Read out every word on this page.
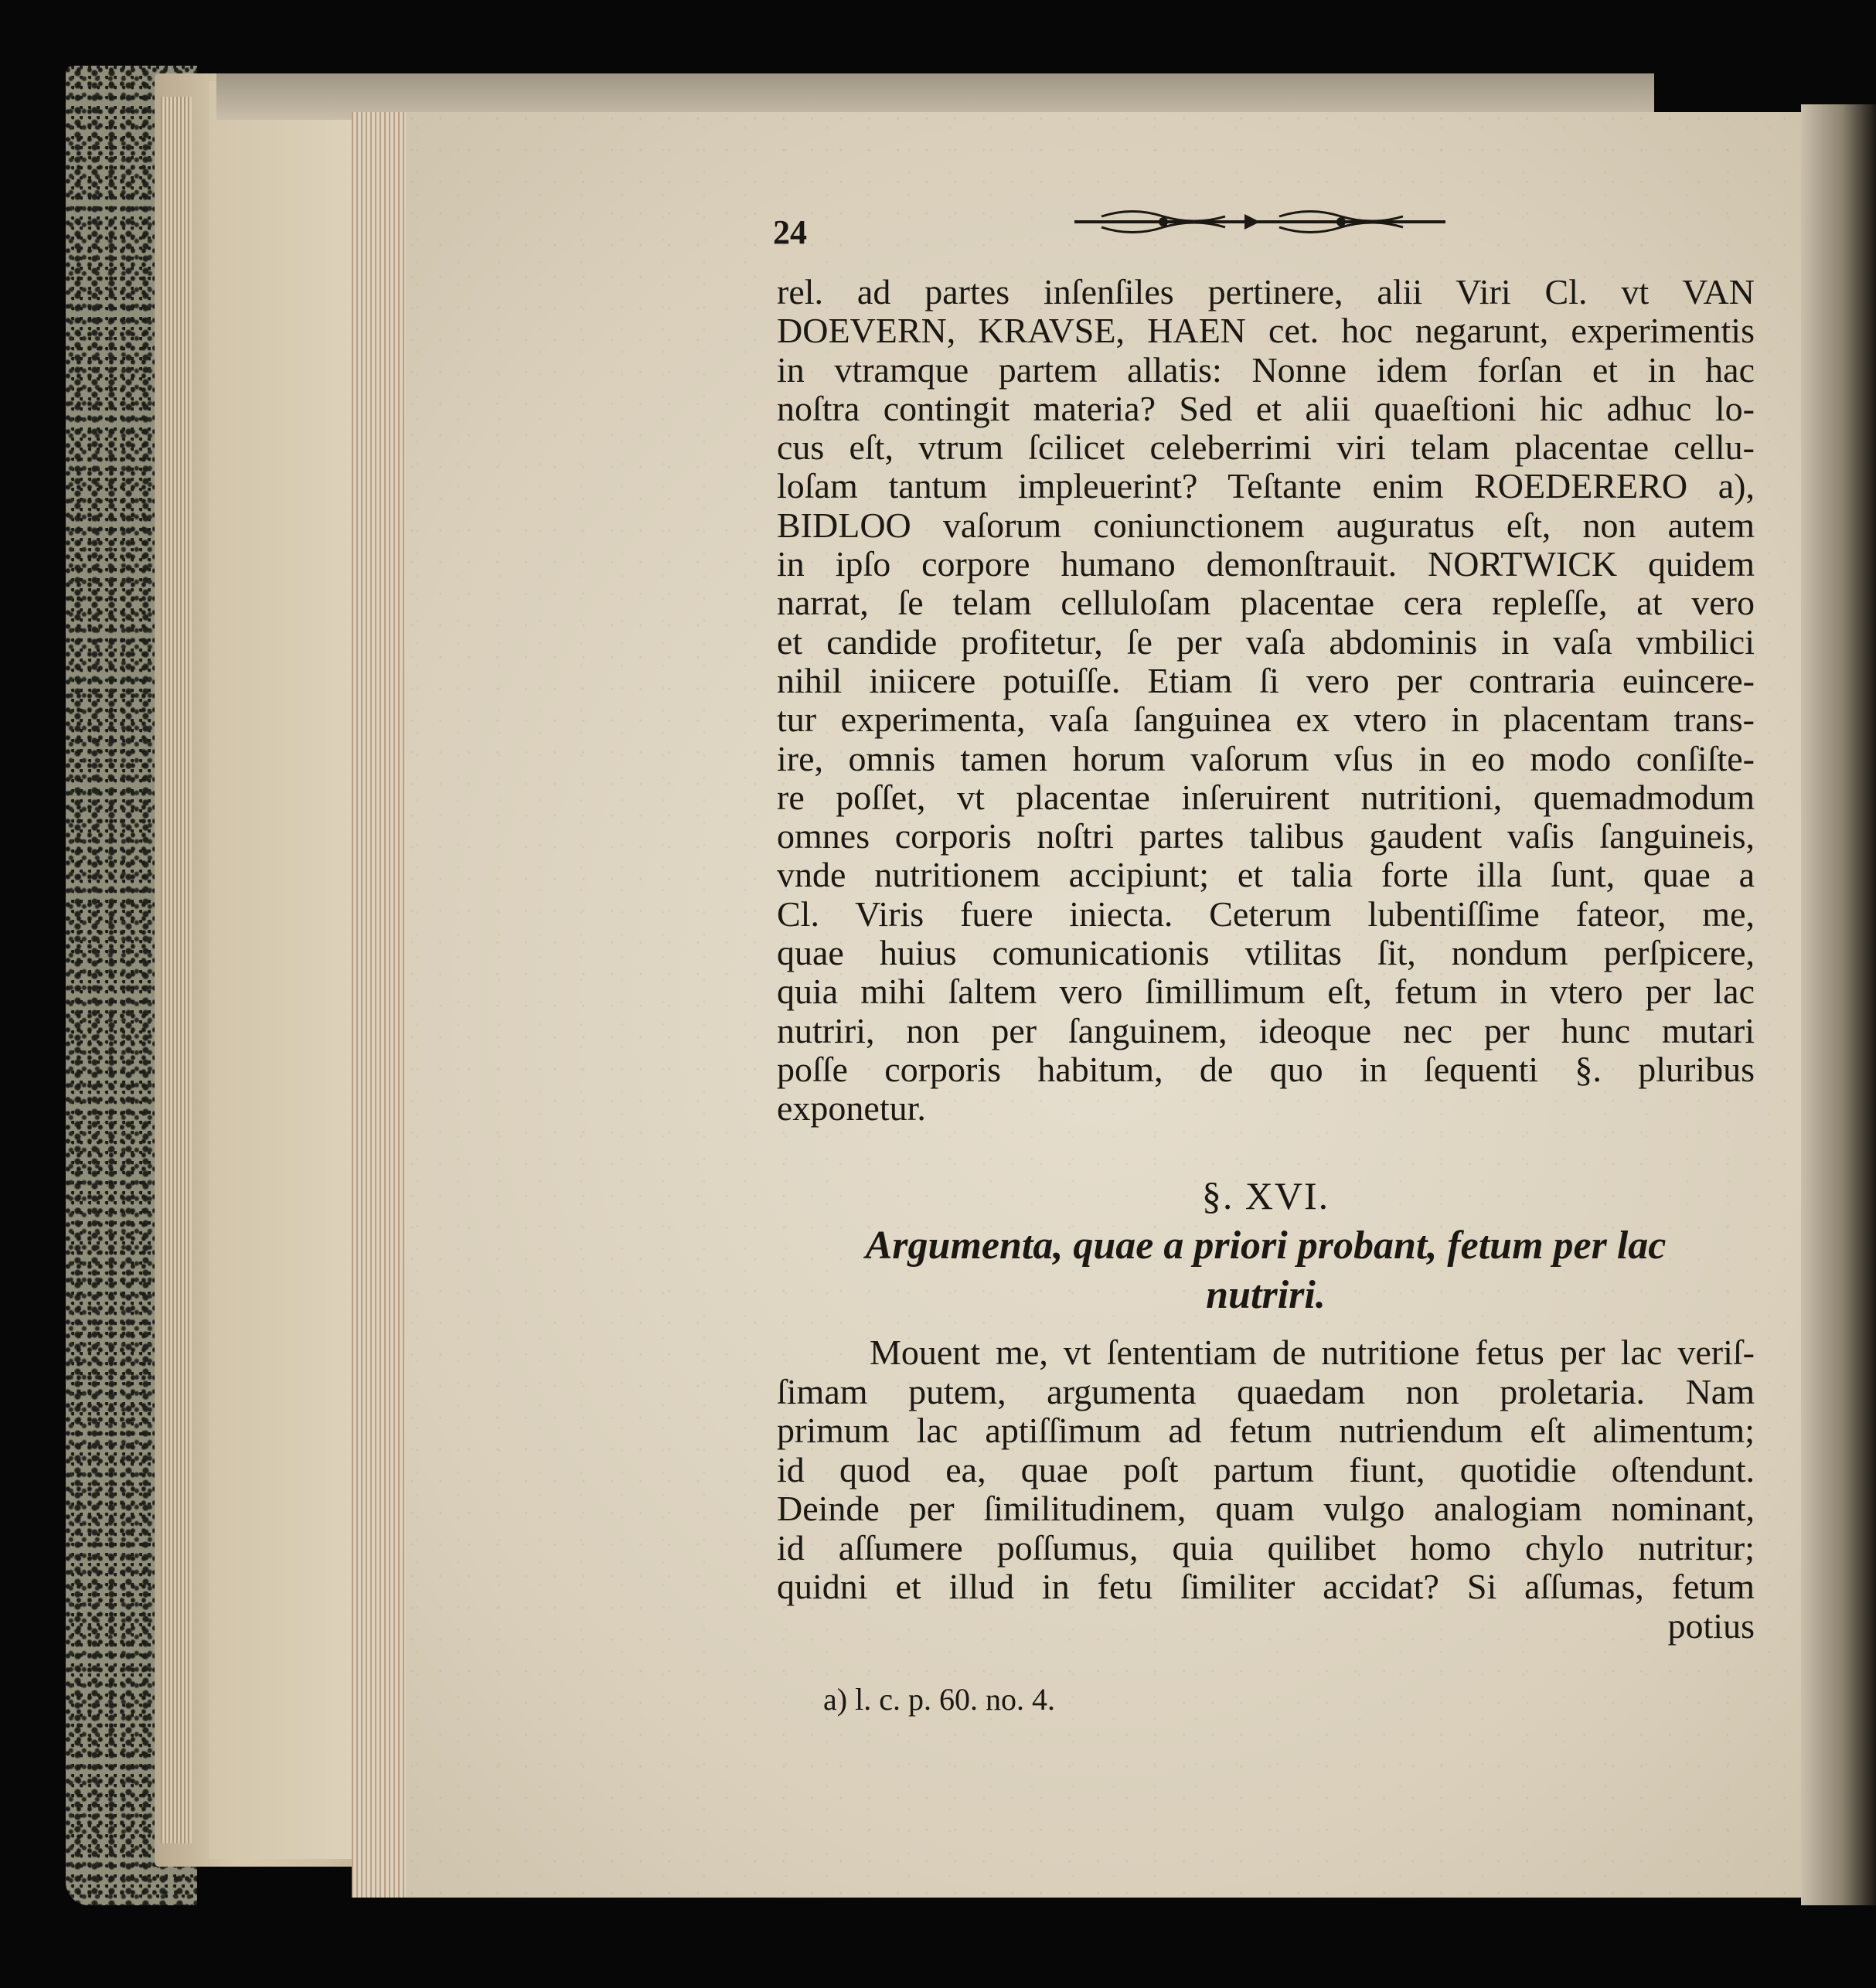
24
rel. ad partes inſenſiles pertinere, alii Viri Cl. vt VAN
DOEVERN, KRAVSE, HAEN cet. hoc negarunt, experimentis
in vtramque partem allatis: Nonne idem forſan et in hac
noſtra contingit materia? Sed et alii quaeſtioni hic adhuc lo-
cus eſt, vtrum ſcilicet celeberrimi viri telam placentae cellu-
loſam tantum impleuerint? Teſtante enim ROEDERERO a),
BIDLOO vaſorum coniunctionem auguratus eſt, non autem
in ipſo corpore humano demonſtrauit. NORTWICK quidem
narrat, ſe telam celluloſam placentae cera repleſſe, at vero
et candide profitetur, ſe per vaſa abdominis in vaſa vmbilici
nihil iniicere potuiſſe. Etiam ſi vero per contraria euincere-
tur experimenta, vaſa ſanguinea ex vtero in placentam trans-
ire, omnis tamen horum vaſorum vſus in eo modo conſiſte-
re poſſet, vt placentae inſeruirent nutritioni, quemadmodum
omnes corporis noſtri partes talibus gaudent vaſis ſanguineis,
vnde nutritionem accipiunt; et talia forte illa ſunt, quae a
Cl. Viris fuere iniecta. Ceterum lubentiſſime fateor, me,
quae huius comunicationis vtilitas ſit, nondum perſpicere,
quia mihi ſaltem vero ſimillimum eſt, fetum in vtero per lac
nutriri, non per ſanguinem, ideoque nec per hunc mutari
poſſe corporis habitum, de quo in ſequenti §. pluribus
exponetur.
§. XVI.
Argumenta, quae a priori probant, fetum per lac
nutriri.
Mouent me, vt ſententiam de nutritione fetus per lac veriſ-
ſimam putem, argumenta quaedam non proletaria. Nam
primum lac aptiſſimum ad fetum nutriendum eſt alimentum;
id quod ea, quae poſt partum fiunt, quotidie oſtendunt.
Deinde per ſimilitudinem, quam vulgo analogiam nominant,
id aſſumere poſſumus, quia quilibet homo chylo nutritur;
quidni et illud in fetu ſimiliter accidat? Si aſſumas, fetum
potius
a) l. c. p. 60. no. 4.
